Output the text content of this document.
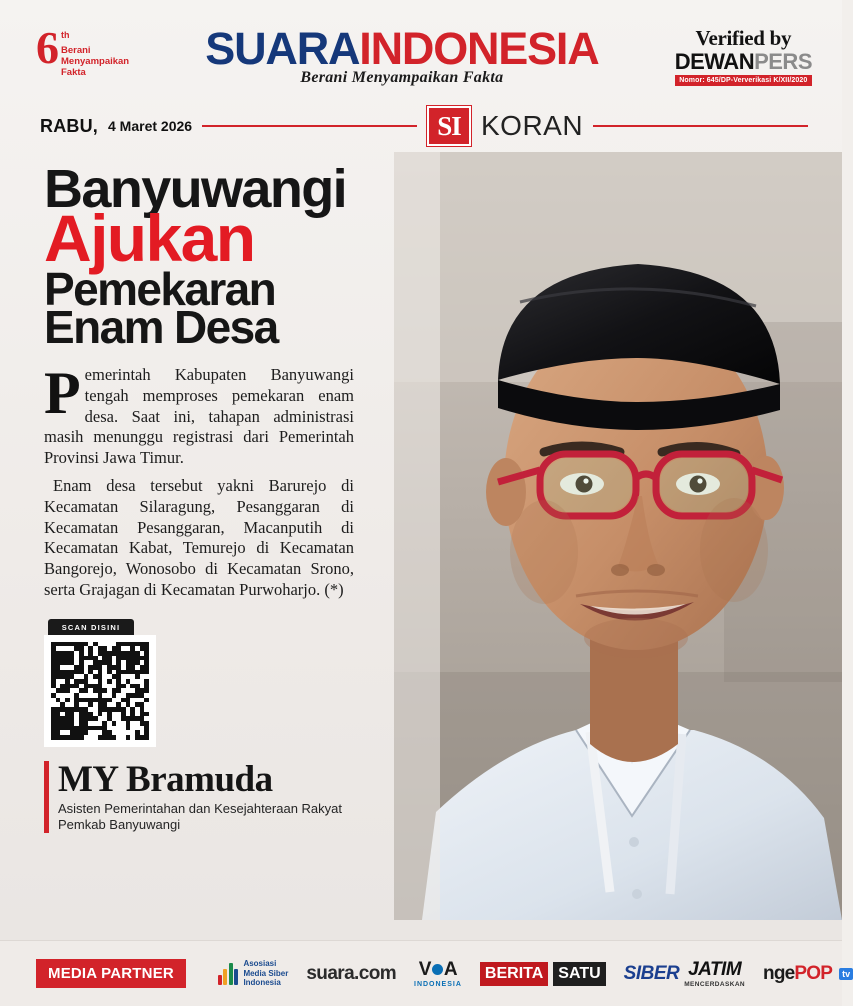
6 th
Berani
Menyampaikan
Fakta	SUARAINDONESIA
Berani Menyampaikan Fakta
Verified by
DEWANPERS
Nomor: 645/DP-Ververikasi K/XII/2020
RABU, 4 Maret 2026	SI KORAN
Banyuwangi
Ajukan
Pemekaran
Enam Desa

Pemerintah Kabupaten Banyuwangi tengah memproses pemekaran enam desa. Saat ini, tahapan administrasi masih menunggu registrasi dari Pemerintah Provinsi Jawa Timur.

Enam desa tersebut yakni Barurejo di Kecamatan Silaragung, Pesanggaran di Kecamatan Pesanggaran, Macanputih di Kecamatan Kabat, Temurejo di Kecamatan Bangorejo, Wonosobo di Kecamatan Srono, serta Grajagan di Kecamatan Purwoharjo. (*)

SCAN DISINI
MY Bramuda
Asisten Pemerintahan dan Kesejahteraan Rakyat
Pemkab Banyuwangi
MEDIA PARTNER
Asosiasi
Media Siber
Indonesia	suara.com V A
INDONESIA
BERITA SATU SIBER JATIM
MENCERDASKAN
ngePOP	tv
